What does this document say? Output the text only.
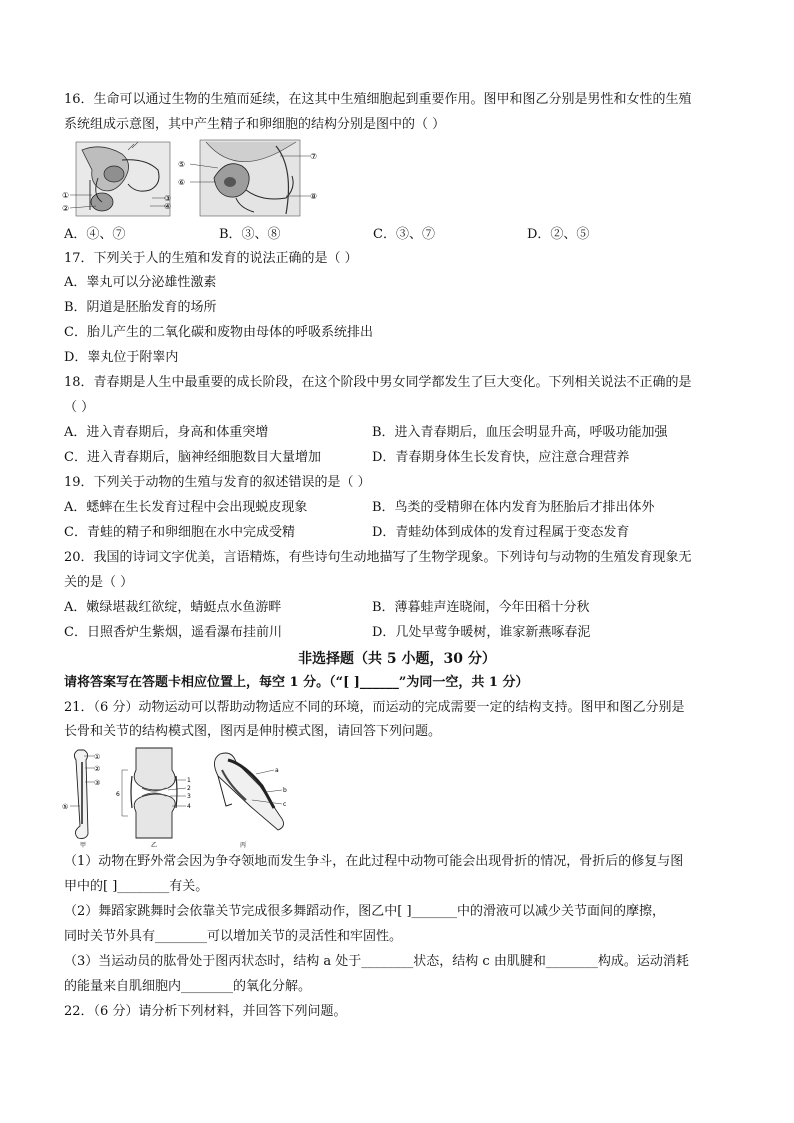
16．生命可以通过生物的生殖而延续，在这其中生殖细胞起到重要作用。图甲和图乙分别是男性和女性的生殖
系统组成示意图，其中产生精子和卵细胞的结构分别是图中的（ ）
①
②
③
④
⑤
⑥
⑦
⑧
A．④、⑦	B．③、⑧	C．③、⑦	D．②、⑤
17．下列关于人的生殖和发育的说法正确的是（ ）
A．睾丸可以分泌雄性激素
B．阴道是胚胎发育的场所
C．胎儿产生的二氧化碳和废物由母体的呼吸系统排出
D．睾丸位于附睾内
18．青春期是人生中最重要的成长阶段，在这个阶段中男女同学都发生了巨大变化。下列相关说法不正确的是
（ ）
A．进入青春期后，身高和体重突增	B．进入青春期后，血压会明显升高，呼吸功能加强
C．进入青春期后，脑神经细胞数目大量增加	D．青春期身体生长发育快，应注意合理营养
19．下列关于动物的生殖与发育的叙述错误的是（ ）
A．蟋蟀在生长发育过程中会出现蜕皮现象	B．鸟类的受精卵在体内发育为胚胎后才排出体外
C．青蛙的精子和卵细胞在水中完成受精	D．青蛙幼体到成体的发育过程属于变态发育
20．我国的诗词文字优美，言语精炼，有些诗句生动地描写了生物学现象。下列诗句与动物的生殖发育现象无
关的是（ ）
A．嫩绿堪裁红欲绽，蜻蜓点水鱼游畔	B．薄暮蛙声连晓闹，今年田稻十分秋
C．日照香炉生紫烟，遥看瀑布挂前川	D．几处早莺争暖树，谁家新燕啄春泥
非选择题（共 5 小题，30 分）
请将答案写在答题卡相应位置上，每空 1 分。（“[ ]______”为同一空，共 1 分）
21．（6 分）动物运动可以帮助动物适应不同的环境，而运动的完成需要一定的结构支持。图甲和图乙分别是
长骨和关节的结构模式图，图丙是伸肘模式图，请回答下列问题。
①
②
③
⑤
6
1
2
3
4
a
b
c
甲	乙	丙
（1）动物在野外常会因为争夺领地而发生争斗，在此过程中动物可能会出现骨折的情况，骨折后的修复与图
甲中的[ ]________有关。
（2）舞蹈家跳舞时会依靠关节完成很多舞蹈动作，图乙中[ ]_______中的滑液可以减少关节面间的摩擦，
同时关节外具有________可以增加关节的灵活性和牢固性。
（3）当运动员的肱骨处于图丙状态时，结构 a 处于________状态，结构 c 由肌腱和________构成。运动消耗
的能量来自肌细胞内________的氧化分解。
22．（6 分）请分析下列材料，并回答下列问题。
